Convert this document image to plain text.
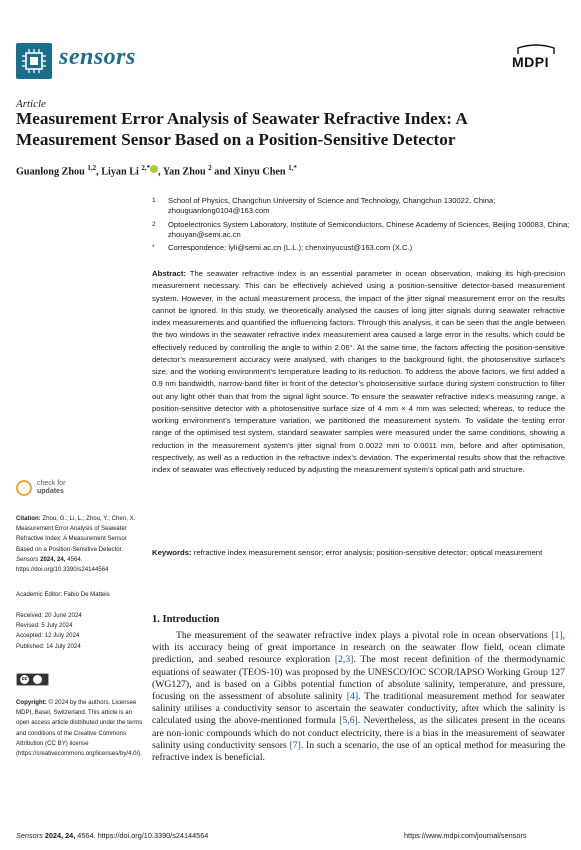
sensors	MDPI
Article
Measurement Error Analysis of Seawater Refractive Index: A Measurement Sensor Based on a Position-Sensitive Detector
Guanlong Zhou $^{1,2}$, Liyan Li $^{2,*}$ , Yan Zhou $^2$ and Xinyu Chen $^{1,*}$
1 School of Physics, Changchun University of Science and Technology, Changchun 130022, China; zhouguanlong0104@163.com
2 Optoelectronics System Laboratory, Institute of Semiconductors, Chinese Academy of Sciences, Beijing 100083, China; zhouyan@semi.ac.cn
* Correspondence: lyli@semi.ac.cn (L.L.); chenxinyucust@163.com (X.C.)
Abstract: The seawater refractive index is an essential parameter in ocean observation, making its high-precision measurement necessary. This can be effectively achieved using a position-sensitive detector-based measurement system. However, in the actual measurement process, the impact of the jitter signal measurement error on the results cannot be ignored. In this study, we theoretically analysed the causes of long jitter signals during seawater refractive index measurements and quantified the influencing factors. Through this analysis, it can be seen that the angle between the two windows in the seawater refractive index measurement area caused a large error in the results, which could be effectively reduced by controlling the angle to within 2.06°. At the same time, the factors affecting the position-sensitive detector’s measurement accuracy were analysed, with changes to the background light, the photosensitive surface’s size, and the working environment’s temperature leading to its reduction. To address the above factors, we first added a 0.9 nm bandwidth, narrow-band filter in front of the detector’s photosensitive surface during system construction to filter out any light other than that from the signal light source. To ensure the seawater refractive index’s measuring range, a position-sensitive detector with a photosensitive surface size of 4 mm × 4 mm was selected; whereas, to reduce the working environment’s temperature variation, we partitioned the measurement system. To validate the testing error range of the optimised test system, standard seawater samples were measured under the same conditions, showing a reduction in the measurement system’s jitter signal from 0.0022 mm to 0.0011 mm, before and after optimisation, respectively, as well as a reduction in the refractive index’s deviation. The experimental results show that the refractive index of seawater was effectively reduced by adjusting the measurement system’s optical path and structure.
Keywords: refractive index measurement sensor; error analysis; position-sensitive detector; optical measurement
check for
updates
Citation: Zhou, G.; Li, L.; Zhou, Y.; Chen, X. Measurement Error Analysis of Seawater Refractive Index: A Measurement Sensor Based on a Position-Sensitive Detector. Sensors 2024, 24, 4564. https://doi.org/10.3390/s24144564
Academic Editor: Fabio De Matteis
Received: 20 June 2024
Revised: 5 July 2024
Accepted: 12 July 2024
Published: 14 July 2024
cc
Copyright: © 2024 by the authors. Licensee MDPI, Basel, Switzerland. This article is an open access article distributed under the terms and conditions of the Creative Commons Attribution (CC BY) license (https://creativecommons.org/licenses/by/4.0/).
1. Introduction

The measurement of the seawater refractive index plays a pivotal role in ocean observations [1], with its accuracy being of great importance in research on the seawater flow field, ocean climate prediction, and seabed resource exploration [2,3]. The most recent definition of the thermodynamic equations of seawater (TEOS-10) was proposed by the UNESCO/IOC SCOR/IAPSO Working Group 127 (WG127), and is based on a Gibbs potential function of absolute salinity, temperature, and pressure, focusing on the assessment of absolute salinity [4]. The traditional measurement method for seawater salinity utilises a conductivity sensor to ascertain the seawater conductivity, after which the salinity is calculated using the above-mentioned formula [5,6]. Nevertheless, as the silicates present in the oceans are non-ionic compounds which do not conduct electricity, there is a bias in the measurement of seawater salinity using conductivity sensors [7]. In such a scenario, the use of an optical method for measuring the refractive index is beneficial.

Sensors 2024, 24, 4564. https://doi.org/10.3390/s24144564	https://www.mdpi.com/journal/sensors
